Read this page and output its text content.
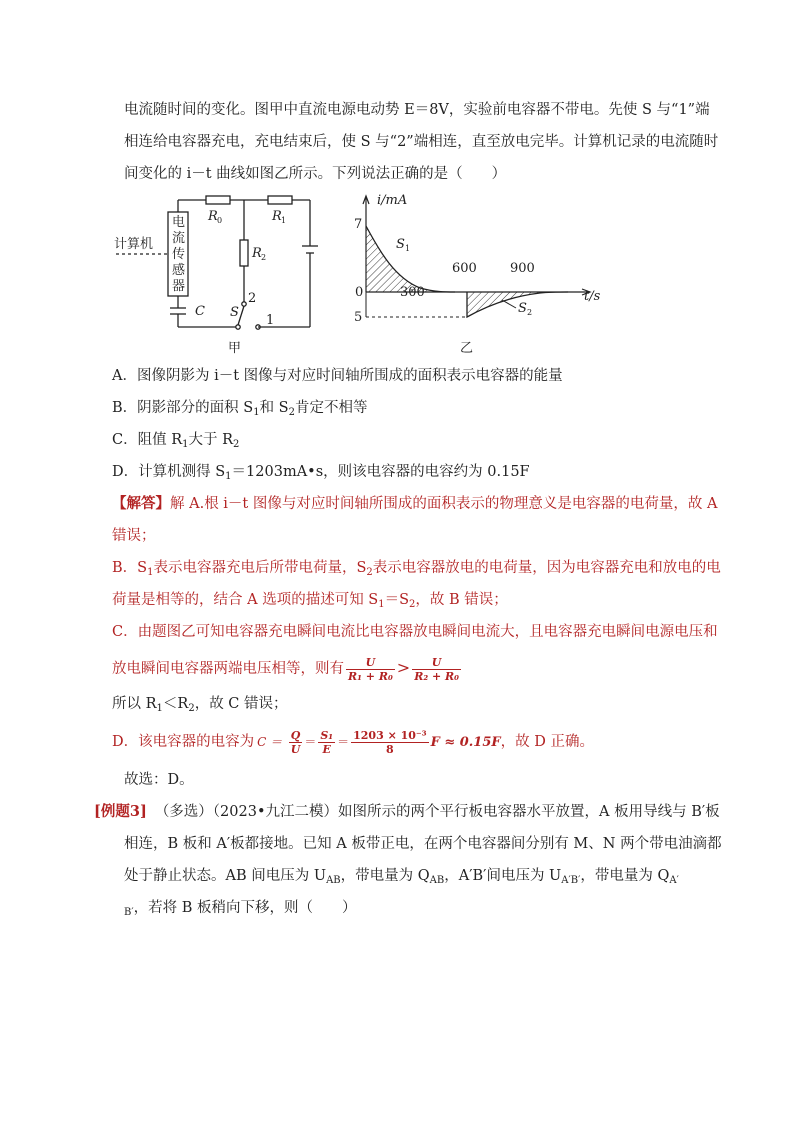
电流随时间的变化。图甲中直流电源电动势 E＝8V，实验前电容器不带电。先使 S 与“1”端
相连给电容器充电，充电结束后，使 S 与“2”端相连，直至放电完毕。计算机记录的电流随时
间变化的 i－t 曲线如图乙所示。下列说法正确的是（　　）
计算机
电
流
传
感
器
R 0	R 1
R 2
C S
2
1
甲
i/mA
7
5
0	300
600	900
t/s
S 1
S 2
乙
A．图像阴影为 i－t 图像与对应时间轴所围成的面积表示电容器的能量
B．阴影部分的面积 $S_1$和 $S_2$肯定不相等
C．阻值 $R_1$大于 $R_2$
D．计算机测得 $S_1=1203mA•s$，则该电容器的电容约为 0.15F
【解答】解 A.根 i－t 图像与对应时间轴所围成的面积表示的物理意义是电容器的电荷量，故 A
错误；
B．$S_1$表示电容器充电后所带电荷量，$S_2$表示电容器放电的电荷量，因为电容器充电和放电的电
荷量是相等的，结合 A 选项的描述可知 $S_1=S_2$，故 B 错误；
C．由题图乙可知电容器充电瞬间电流比电容器放电瞬间电流大，且电容器充电瞬间电源电压和
放电瞬间电容器两端电压相等，则有 $\frac{U}{\text{R₁ + R₀}} > \frac{U}{\text{R₂ + R₀}}$
所以 $R_1<R_2$，故 C 错误；
D．该电容器的电容为 $C = \frac{Q}{U} = \frac{\text{S₁}}{E} = \frac{\text{1203 × 10⁻³}}{8}$ F ≈ 0.15F，故 D 正确。
故选：D。
[例题3] （多选）（2023•九江二模）如图所示的两个平行板电容器水平放置，A 板用导线与 B′板
相连，B 板和 A′板都接地。已知 A 板带正电，在两个电容器间分别有 M、N 两个带电油滴都
处于静止状态。AB 间电压为 $U_{AB}$，带电量为 $Q_{AB}$，A′B′间电压为 $U_{A'B'}$，带电量为 $Q_{A'}$
$_{B'}$，若将 B 板稍向下移，则（　　）
